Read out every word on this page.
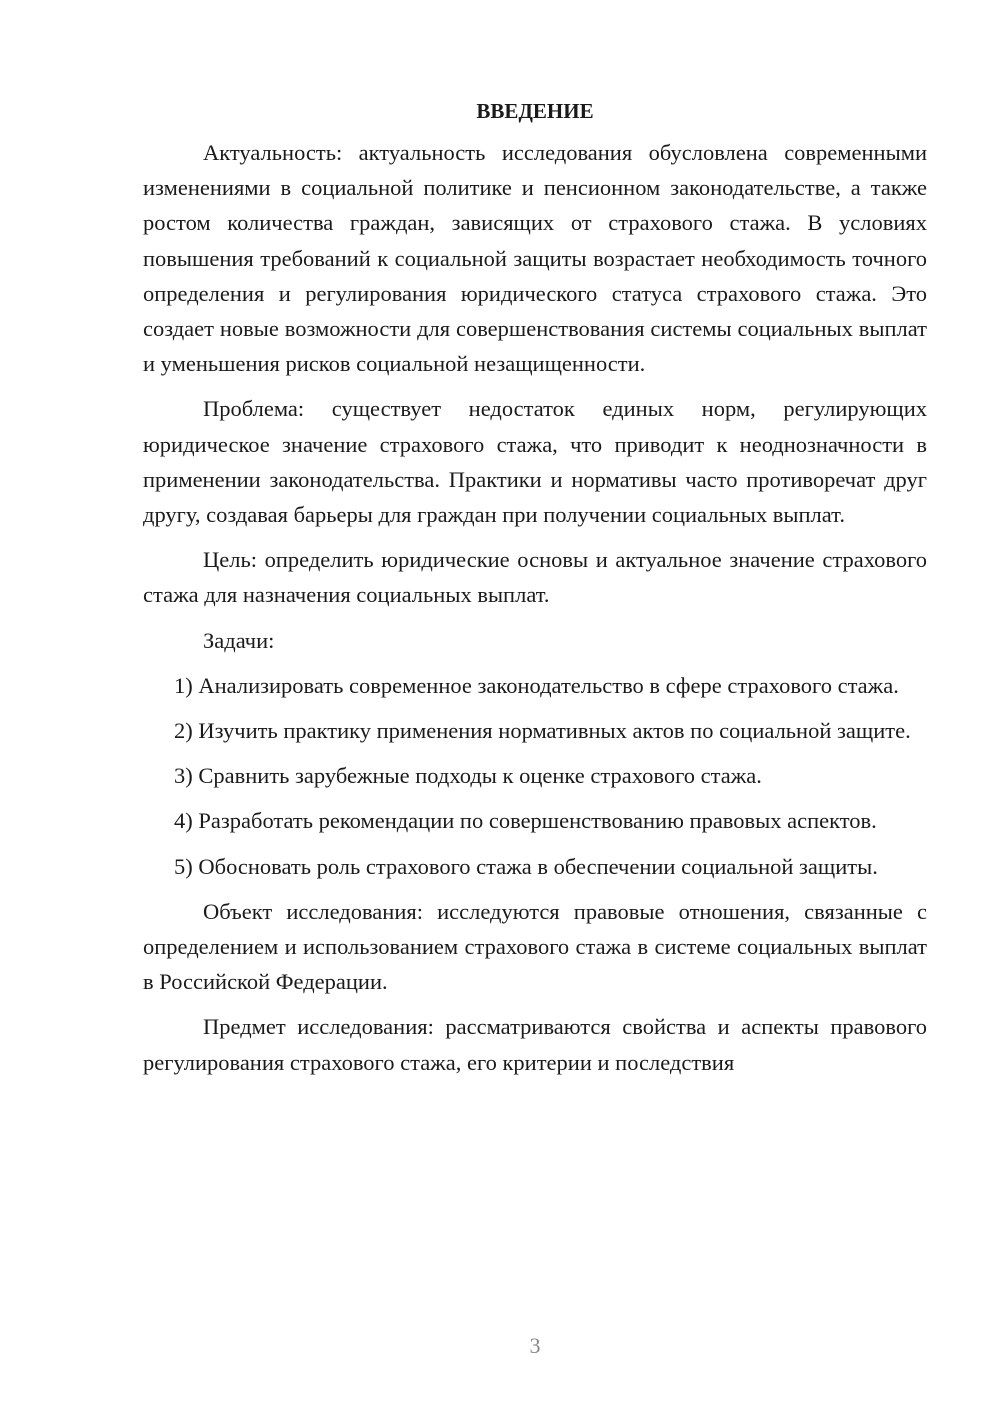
ВВЕДЕНИЕ

Актуальность: актуальность исследования обусловлена современными изменениями в социальной политике и пенсионном законодательстве, а также ростом количества граждан, зависящих от страхового стажа. В условиях повышения требований к социальной защиты возрастает необходимость точного определения и регулирования юридического статуса страхового стажа. Это создает новые возможности для совершенствования системы социальных выплат и уменьшения рисков социальной незащищенности.

Проблема: существует недостаток единых норм, регулирующих юридическое значение страхового стажа, что приводит к неоднозначности в применении законодательства. Практики и нормативы часто противоречат друг другу, создавая барьеры для граждан при получении социальных выплат.

Цель: определить юридические основы и актуальное значение страхового стажа для назначения социальных выплат.

Задачи:

1) Анализировать современное законодательство в сфере страхового стажа.

2) Изучить практику применения нормативных актов по социальной защите.

3) Сравнить зарубежные подходы к оценке страхового стажа.

4) Разработать рекомендации по совершенствованию правовых аспектов.

5) Обосновать роль страхового стажа в обеспечении социальной защиты.

Объект исследования: исследуются правовые отношения, связанные с определением и использованием страхового стажа в системе социальных выплат в Российской Федерации.

Предмет исследования: рассматриваются свойства и аспекты правового регулирования страхового стажа, его критерии и последствия

3
